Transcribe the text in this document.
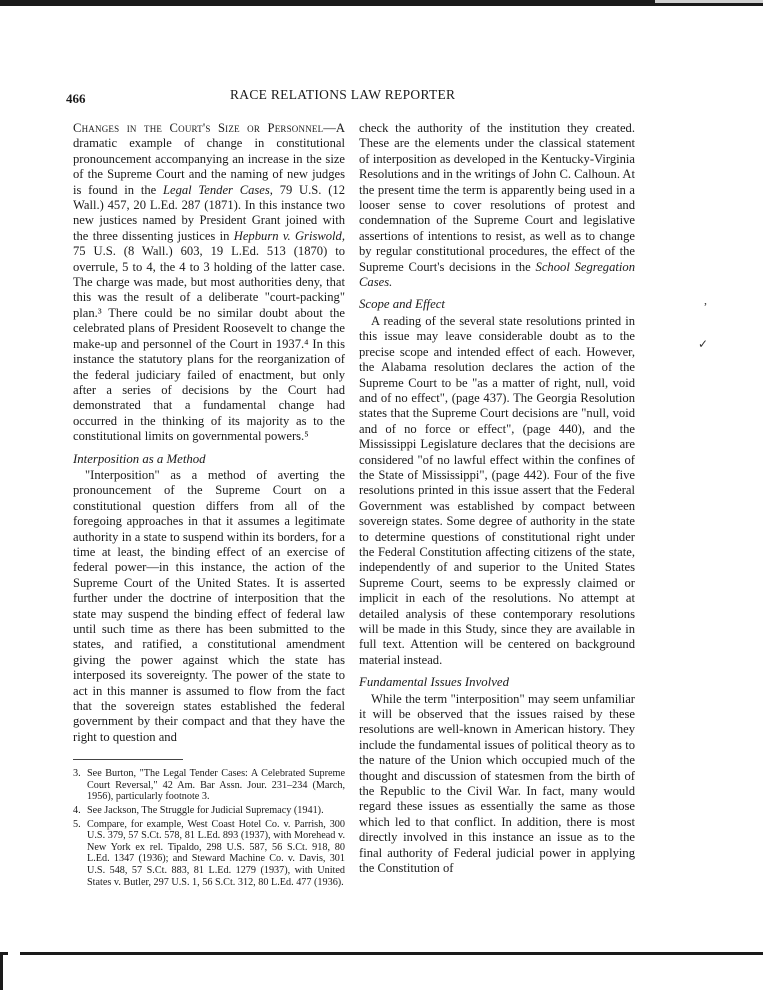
466	RACE RELATIONS LAW REPORTER

Changes in the Court's Size or Personnel—A dramatic example of change in constitutional pronouncement accompanying an increase in the size of the Supreme Court and the naming of new judges is found in the Legal Tender Cases, 79 U.S. (12 Wall.) 457, 20 L.Ed. 287 (1871). In this instance two new justices named by President Grant joined with the three dissenting justices in Hepburn v. Griswold, 75 U.S. (8 Wall.) 603, 19 L.Ed. 513 (1870) to overrule, 5 to 4, the 4 to 3 holding of the latter case. The charge was made, but most authorities deny, that this was the result of a deliberate "court-packing" plan.³ There could be no similar doubt about the celebrated plans of President Roosevelt to change the make-up and personnel of the Court in 1937.⁴ In this instance the statutory plans for the reorganization of the federal judiciary failed of enactment, but only after a series of decisions by the Court had demonstrated that a fundamental change had occurred in the thinking of its majority as to the constitutional limits on governmental powers.⁵

Interposition as a Method

"Interposition" as a method of averting the pronouncement of the Supreme Court on a constitutional question differs from all of the foregoing approaches in that it assumes a legitimate authority in a state to suspend within its borders, for a time at least, the binding effect of an exercise of federal power—in this instance, the action of the Supreme Court of the United States. It is asserted further under the doctrine of interposition that the state may suspend the binding effect of federal law until such time as there has been submitted to the states, and ratified, a constitutional amendment giving the power against which the state has interposed its sovereignty. The power of the state to act in this manner is assumed to flow from the fact that the sovereign states established the federal government by their compact and that they have the right to question and

3. See Burton, "The Legal Tender Cases: A Celebrated Supreme Court Reversal," 42 Am. Bar Assn. Jour. 231–234 (March, 1956), particularly footnote 3.
4. See Jackson, The Struggle for Judicial Supremacy (1941).
5. Compare, for example, West Coast Hotel Co. v. Parrish, 300 U.S. 379, 57 S.Ct. 578, 81 L.Ed. 893 (1937), with Morehead v. New York ex rel. Tipaldo, 298 U.S. 587, 56 S.Ct. 918, 80 L.Ed. 1347 (1936); and Steward Machine Co. v. Davis, 301 U.S. 548, 57 S.Ct. 883, 81 L.Ed. 1279 (1937), with United States v. Butler, 297 U.S. 1, 56 S.Ct. 312, 80 L.Ed. 477 (1936).

check the authority of the institution they created. These are the elements under the classical statement of interposition as developed in the Kentucky-Virginia Resolutions and in the writings of John C. Calhoun. At the present time the term is apparently being used in a looser sense to cover resolutions of protest and condemnation of the Supreme Court and legislative assertions of intentions to resist, as well as to change by regular constitutional procedures, the effect of the Supreme Court's decisions in the School Segregation Cases.

Scope and Effect

A reading of the several state resolutions printed in this issue may leave considerable doubt as to the precise scope and intended effect of each. However, the Alabama resolution declares the action of the Supreme Court to be "as a matter of right, null, void and of no effect", (page 437). The Georgia Resolution states that the Supreme Court decisions are "null, void and of no force or effect", (page 440), and the Mississippi Legislature declares that the decisions are considered "of no lawful effect within the confines of the State of Mississippi", (page 442). Four of the five resolutions printed in this issue assert that the Federal Government was established by compact between sovereign states. Some degree of authority in the state to determine questions of constitutional right under the Federal Constitution affecting citizens of the state, independently of and superior to the United States Supreme Court, seems to be expressly claimed or implicit in each of the resolutions. No attempt at detailed analysis of these contemporary resolutions will be made in this Study, since they are available in full text. Attention will be centered on background material instead.

Fundamental Issues Involved

While the term "interposition" may seem unfamiliar it will be observed that the issues raised by these resolutions are well-known in American history. They include the fundamental issues of political theory as to the nature of the Union which occupied much of the thought and discussion of statesmen from the birth of the Republic to the Civil War. In fact, many would regard these issues as essentially the same as those which led to that conflict. In addition, there is most directly involved in this instance an issue as to the final authority of Federal judicial power in applying the Constitution of

,
✓
